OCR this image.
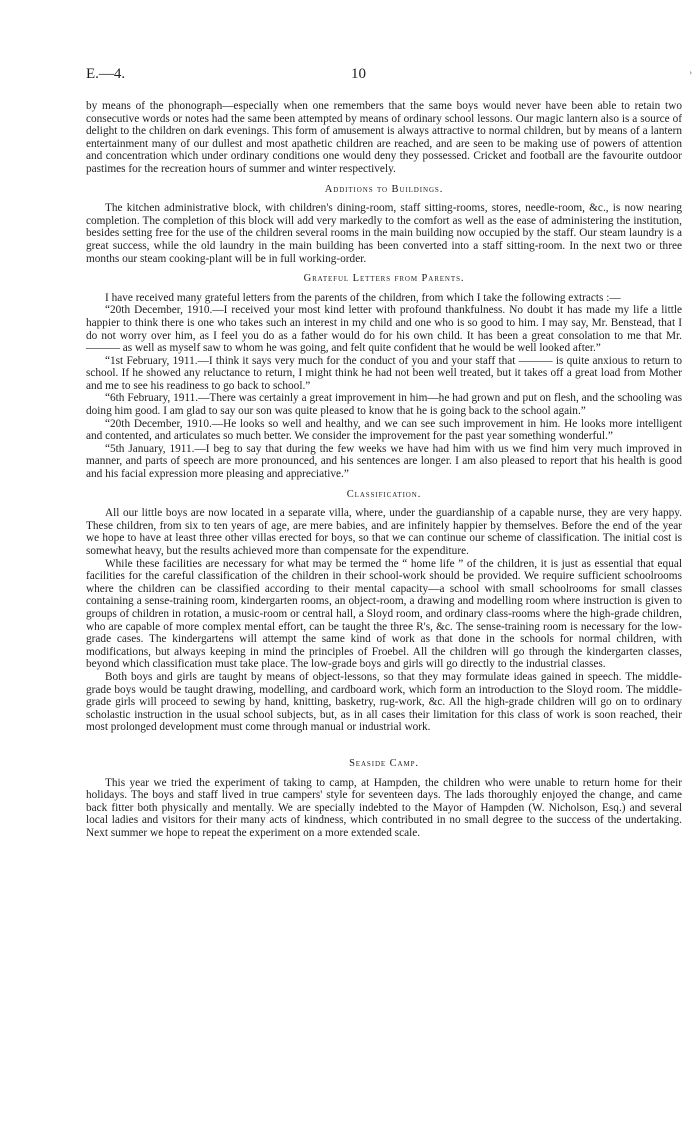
E.—4.	10	›

by means of the phonograph—especially when one remembers that the same boys would never have been able to retain two consecutive words or notes had the same been attempted by means of ordinary school lessons. Our magic lantern also is a source of delight to the children on dark evenings. This form of amusement is always attractive to normal children, but by means of a lantern entertainment many of our dullest and most apathetic children are reached, and are seen to be making use of powers of attention and concentration which under ordinary conditions one would deny they possessed. Cricket and football are the favourite outdoor pastimes for the recreation hours of summer and winter respectively.

Additions to Buildings.

The kitchen administrative block, with children's dining-room, staff sitting-rooms, stores, needle-room, &c., is now nearing completion. The completion of this block will add very markedly to the comfort as well as the ease of administering the institution, besides setting free for the use of the children several rooms in the main building now occupied by the staff. Our steam laundry is a great success, while the old laundry in the main building has been converted into a staff sitting-room. In the next two or three months our steam cooking-plant will be in full working-order.

Grateful Letters from Parents.

I have received many grateful letters from the parents of the children, from which I take the following extracts :—

“20th December, 1910.—I received your most kind letter with profound thankfulness. No doubt it has made my life a little happier to think there is one who takes such an interest in my child and one who is so good to him. I may say, Mr. Benstead, that I do not worry over him, as I feel you do as a father would do for his own child. It has been a great consolation to me that Mr. ——— as well as myself saw to whom he was going, and felt quite confident that he would be well looked after.”

“1st February, 1911.—I think it says very much for the conduct of you and your staff that ——— is quite anxious to return to school. If he showed any reluctance to return, I might think he had not been well treated, but it takes off a great load from Mother and me to see his readiness to go back to school.”

“6th February, 1911.—There was certainly a great improvement in him—he had grown and put on flesh, and the schooling was doing him good. I am glad to say our son was quite pleased to know that he is going back to the school again.”

“20th December, 1910.—He looks so well and healthy, and we can see such improvement in him. He looks more intelligent and contented, and articulates so much better. We consider the improvement for the past year something wonderful.”

“5th January, 1911.—I beg to say that during the few weeks we have had him with us we find him very much improved in manner, and parts of speech are more pronounced, and his sentences are longer. I am also pleased to report that his health is good and his facial expression more pleasing and appreciative.”

Classification.

All our little boys are now located in a separate villa, where, under the guardianship of a capable nurse, they are very happy. These children, from six to ten years of age, are mere babies, and are infinitely happier by themselves. Before the end of the year we hope to have at least three other villas erected for boys, so that we can continue our scheme of classification. The initial cost is somewhat heavy, but the results achieved more than compensate for the expenditure.

While these facilities are necessary for what may be termed the “ home life ” of the children, it is just as essential that equal facilities for the careful classification of the children in their school-work should be provided. We require sufficient schoolrooms where the children can be classified according to their mental capacity—a school with small schoolrooms for small classes containing a sense-training room, kindergarten rooms, an object-room, a drawing and modelling room where instruction is given to groups of children in rotation, a music-room or central hall, a Sloyd room, and ordinary class-rooms where the high-grade children, who are capable of more complex mental effort, can be taught the three R's, &c. The sense-training room is necessary for the low-grade cases. The kindergartens will attempt the same kind of work as that done in the schools for normal children, with modifications, but always keeping in mind the principles of Froebel. All the children will go through the kindergarten classes, beyond which classification must take place. The low-grade boys and girls will go directly to the industrial classes.

Both boys and girls are taught by means of object-lessons, so that they may formulate ideas gained in speech. The middle-grade boys would be taught drawing, modelling, and cardboard work, which form an introduction to the Sloyd room. The middle-grade girls will proceed to sewing by hand, knitting, basketry, rug-work, &c. All the high-grade children will go on to ordinary scholastic instruction in the usual school subjects, but, as in all cases their limitation for this class of work is soon reached, their most prolonged development must come through manual or industrial work.

Seaside Camp.

This year we tried the experiment of taking to camp, at Hampden, the children who were unable to return home for their holidays. The boys and staff lived in true campers' style for seventeen days. The lads thoroughly enjoyed the change, and came back fitter both physically and mentally. We are specially indebted to the Mayor of Hampden (W. Nicholson, Esq.) and several local ladies and visitors for their many acts of kindness, which contributed in no small degree to the success of the undertaking. Next summer we hope to repeat the experiment on a more extended scale.
